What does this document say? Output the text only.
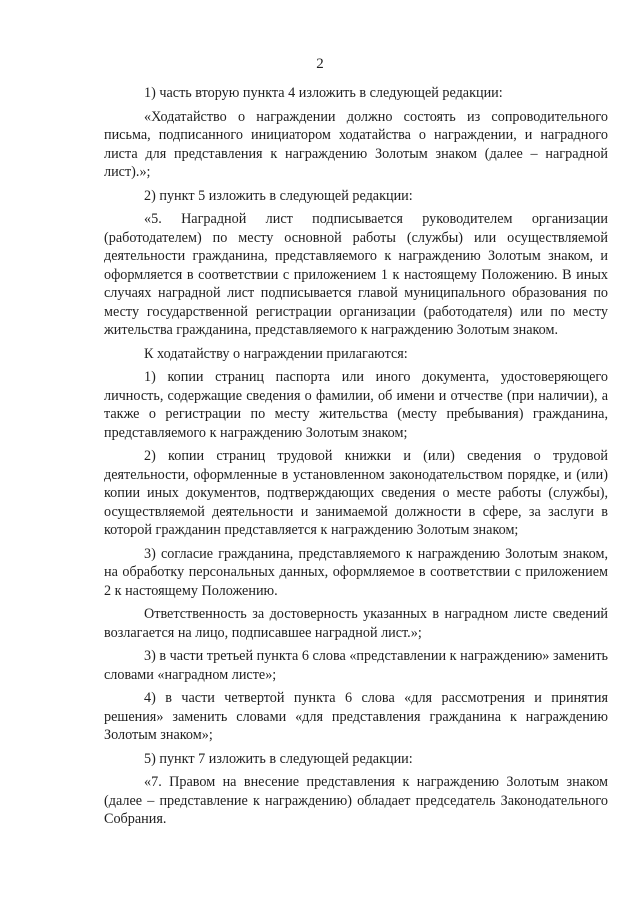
2

1) часть вторую пункта 4 изложить в следующей редакции:

«Ходатайство о награждении должно состоять из сопроводительного письма, подписанного инициатором ходатайства о награждении, и наградного листа для представления к награждению Золотым знаком (далее – наградной лист).»;

2) пункт 5 изложить в следующей редакции:

«5. Наградной лист подписывается руководителем организации (работодателем) по месту основной работы (службы) или осуществляемой деятельности гражданина, представляемого к награждению Золотым знаком, и оформляется в соответствии с приложением 1 к настоящему Положению. В иных случаях наградной лист подписывается главой муниципального образования по месту государственной регистрации организации (работодателя) или по месту жительства гражданина, представляемого к награждению Золотым знаком.

К ходатайству о награждении прилагаются:

1) копии страниц паспорта или иного документа, удостоверяющего личность, содержащие сведения о фамилии, об имени и отчестве (при наличии), а также о регистрации по месту жительства (месту пребывания) гражданина, представляемого к награждению Золотым знаком;

2) копии страниц трудовой книжки и (или) сведения о трудовой деятельности, оформленные в установленном законодательством порядке, и (или) копии иных документов, подтверждающих сведения о месте работы (службы), осуществляемой деятельности и занимаемой должности в сфере, за заслуги в которой гражданин представляется к награждению Золотым знаком;

3) согласие гражданина, представляемого к награждению Золотым знаком, на обработку персональных данных, оформляемое в соответствии с приложением 2 к настоящему Положению.

Ответственность за достоверность указанных в наградном листе сведений возлагается на лицо, подписавшее наградной лист.»;

3) в части третьей пункта 6 слова «представлении к награждению» заменить словами «наградном листе»;

4) в части четвертой пункта 6 слова «для рассмотрения и принятия решения» заменить словами «для представления гражданина к награждению Золотым знаком»;

5) пункт 7 изложить в следующей редакции:

«7. Правом на внесение представления к награждению Золотым знаком (далее – представление к награждению) обладает председатель Законодательного Собрания.
